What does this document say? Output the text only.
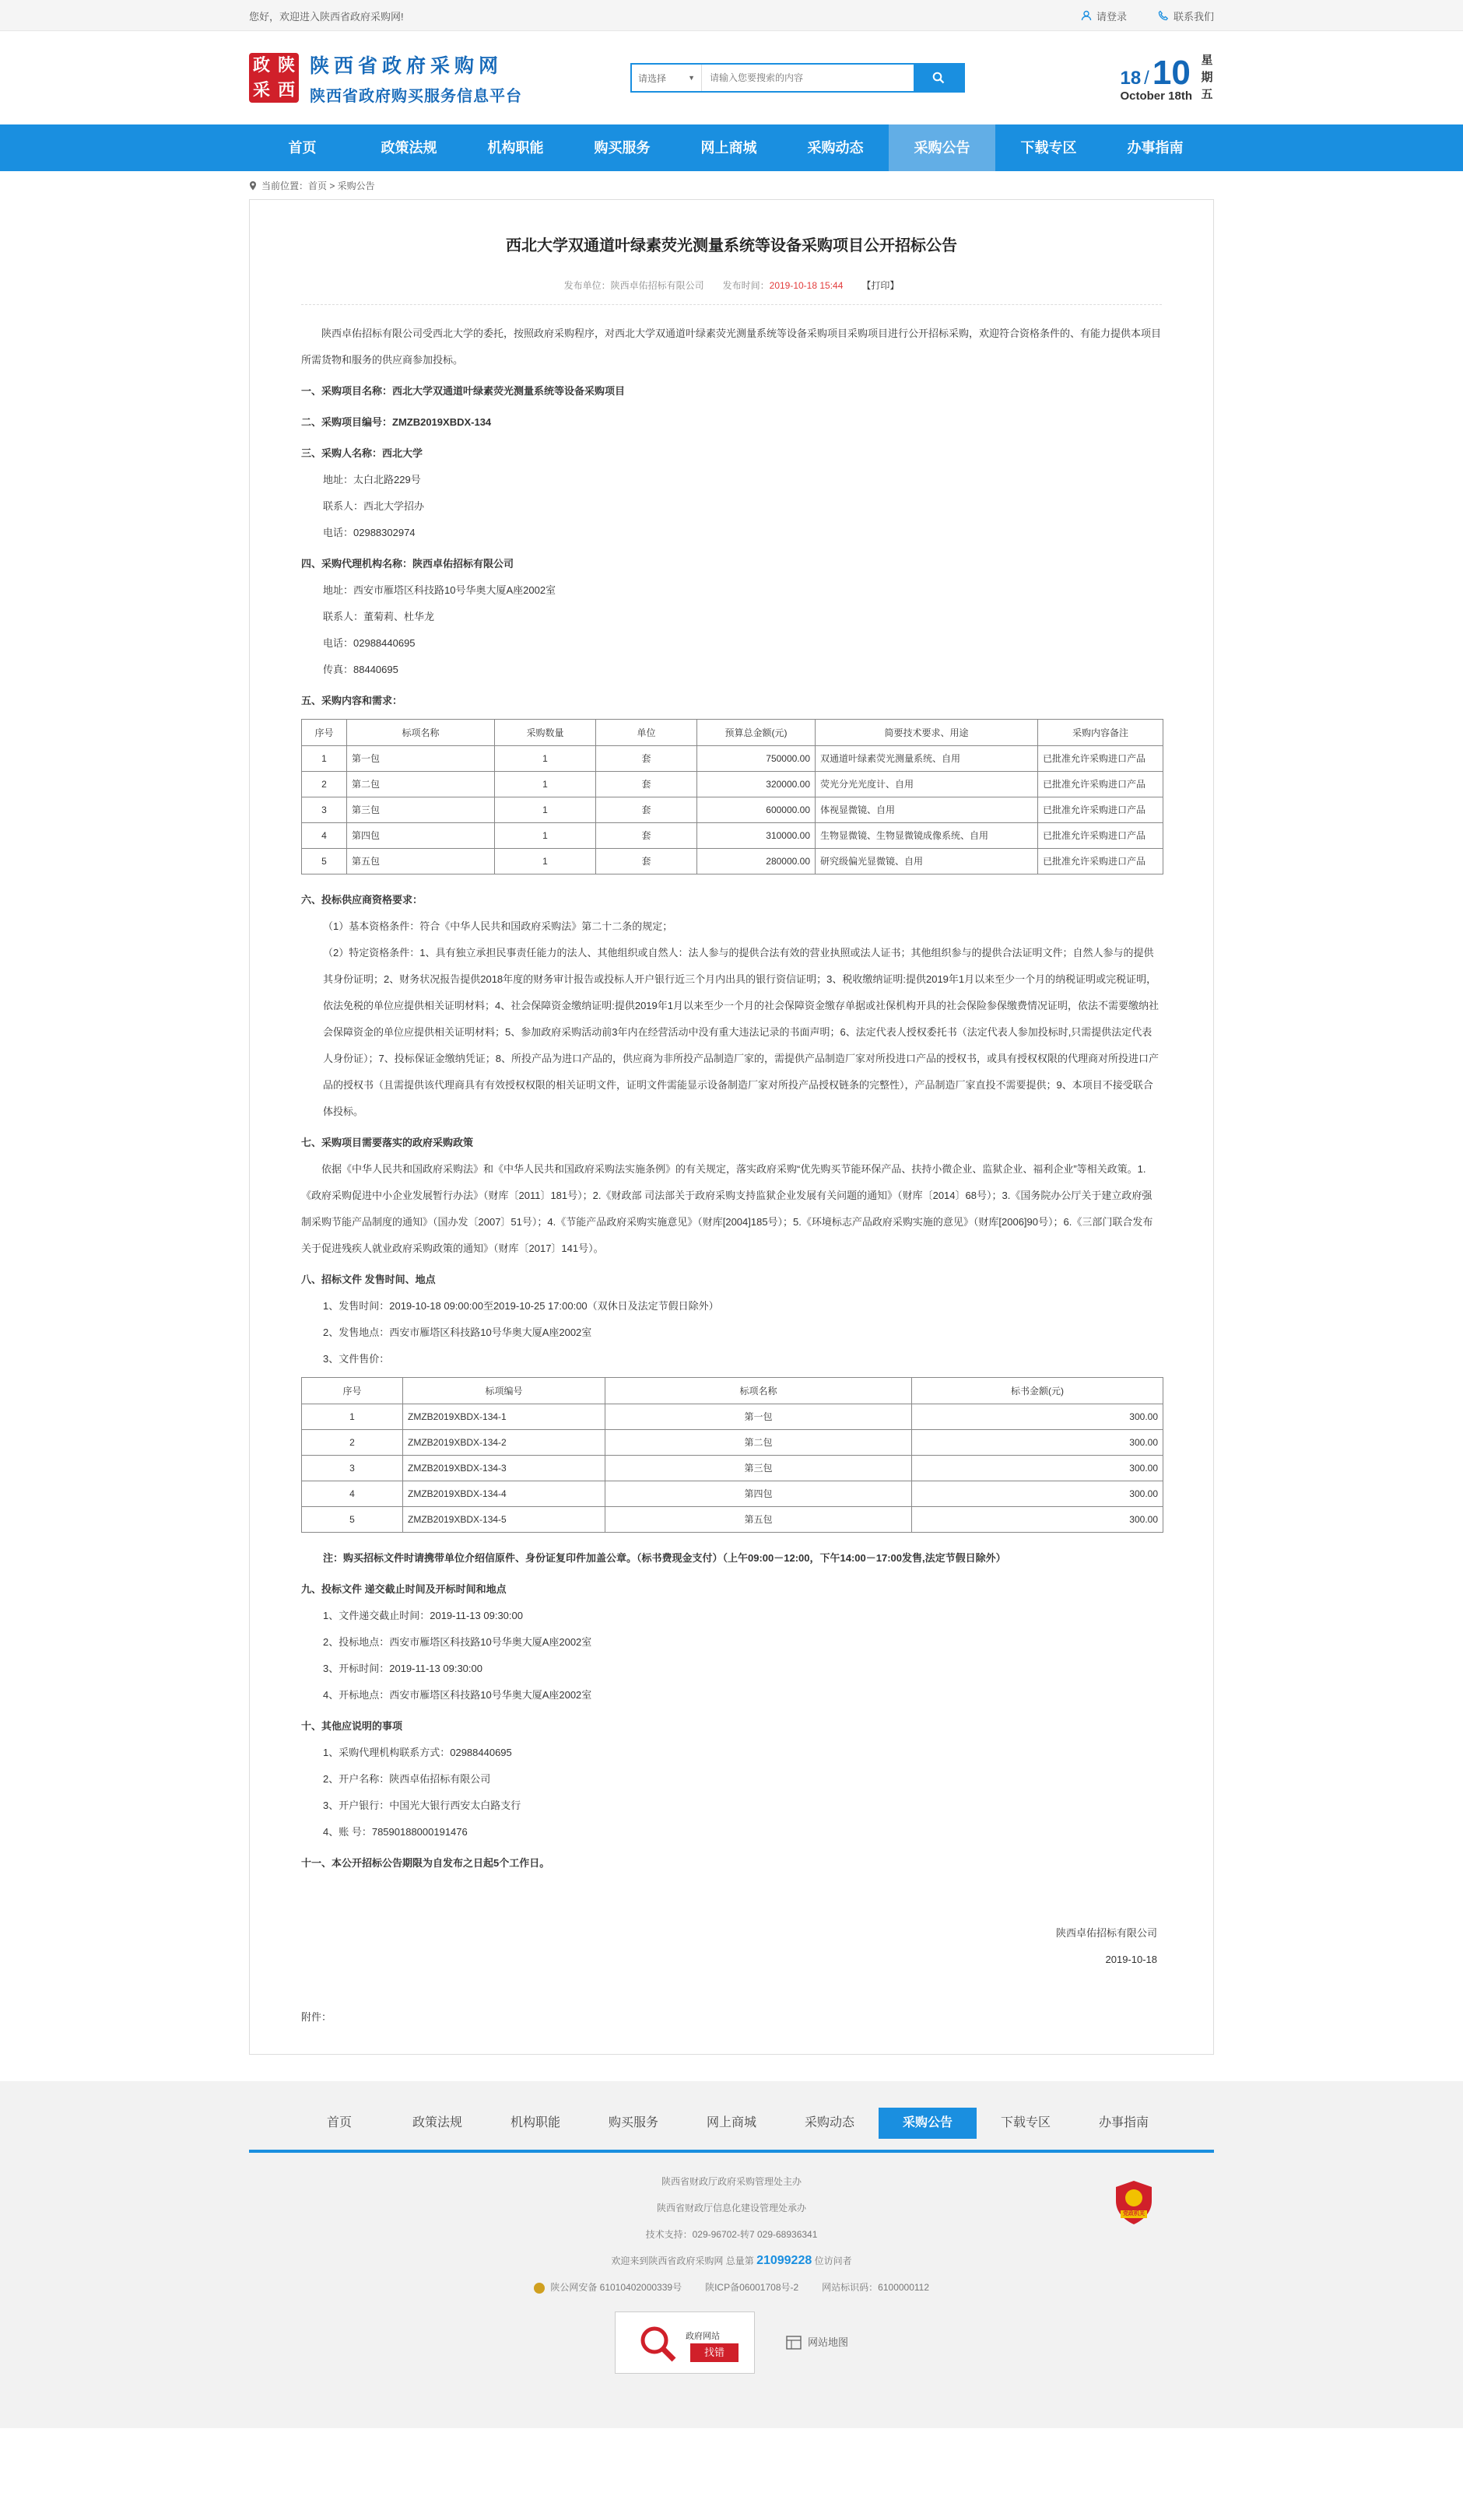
您好，欢迎进入陕西省政府采购网!	请登录	联系我们
政 陕
采 西
陕西省政府采购网
陕西省政府购买服务信息平台
请选择	▼
请输入您要搜索的内容	18 / 10
October 18th
星
期
五
首页	政策法规	机构职能	购买服务	网上商城	采购动态	采购公告	下载专区	办事指南
当前位置：首页 > 采购公告
西北大学双通道叶绿素荧光测量系统等设备采购项目公开招标公告
发布单位：陕西卓佑招标有限公司 发布时间：2019-10-18 15:44 【打印】

陕西卓佑招标有限公司受西北大学的委托，按照政府采购程序，对西北大学双通道叶绿素荧光测量系统等设备采购项目采购项目进行公开招标采购，欢迎符合资格条件的、有能力提供本项目所需货物和服务的供应商参加投标。

一、采购项目名称：西北大学双通道叶绿素荧光测量系统等设备采购项目

二、采购项目编号：ZMZB2019XBDX-134

三、采购人名称：西北大学

地址：太白北路229号

联系人：西北大学招办

电话：02988302974

四、采购代理机构名称：陕西卓佑招标有限公司

地址：西安市雁塔区科技路10号华奥大厦A座2002室

联系人：董菊莉、杜华龙

电话：02988440695

传真：88440695

五、采购内容和需求：

序号	标项名称	采购数量	单位	预算总金额(元)	简要技术要求、用途	采购内容备注
1	第一包	1	套	750000.00	双通道叶绿素荧光测量系统、自用	已批准允许采购进口产品
2	第二包	1	套	320000.00	荧光分光光度计、自用	已批准允许采购进口产品
3	第三包	1	套	600000.00	体视显微镜、自用	已批准允许采购进口产品
4	第四包	1	套	310000.00	生物显微镜、生物显微镜成像系统、自用	已批准允许采购进口产品
5	第五包	1	套	280000.00	研究级偏光显微镜、自用	已批准允许采购进口产品

六、投标供应商资格要求：

（1）基本资格条件：符合《中华人民共和国政府采购法》第二十二条的规定；

（2）特定资格条件：1、具有独立承担民事责任能力的法人、其他组织或自然人：法人参与的提供合法有效的营业执照或法人证书；其他组织参与的提供合法证明文件；自然人参与的提供其身份证明；2、财务状况报告提供2018年度的财务审计报告或投标人开户银行近三个月内出具的银行资信证明；3、税收缴纳证明:提供2019年1月以来至少一个月的纳税证明或完税证明，依法免税的单位应提供相关证明材料；4、社会保障资金缴纳证明:提供2019年1月以来至少一个月的社会保障资金缴存单据或社保机构开具的社会保险参保缴费情况证明，依法不需要缴纳社会保障资金的单位应提供相关证明材料；5、参加政府采购活动前3年内在经营活动中没有重大违法记录的书面声明；6、法定代表人授权委托书（法定代表人参加投标时,只需提供法定代表人身份证）；7、投标保证金缴纳凭证；8、所投产品为进口产品的，供应商为非所投产品制造厂家的，需提供产品制造厂家对所投进口产品的授权书，或具有授权权限的代理商对所投进口产品的授权书（且需提供该代理商具有有效授权权限的相关证明文件，证明文件需能显示设备制造厂家对所投产品授权链条的完整性），产品制造厂家直投不需要提供；9、本项目不接受联合体投标。

七、采购项目需要落实的政府采购政策

依据《中华人民共和国政府采购法》和《中华人民共和国政府采购法实施条例》的有关规定，落实政府采购“优先购买节能环保产品、扶持小微企业、监狱企业、福利企业”等相关政策。1.《政府采购促进中小企业发展暂行办法》（财库〔2011〕181号）；2.《财政部 司法部关于政府采购支持监狱企业发展有关问题的通知》（财库〔2014〕68号）；3.《国务院办公厅关于建立政府强制采购节能产品制度的通知》（国办发〔2007〕51号）；4.《节能产品政府采购实施意见》（财库[2004]185号）；5.《环境标志产品政府采购实施的意见》（财库[2006]90号）；6.《三部门联合发布关于促进残疾人就业政府采购政策的通知》（财库〔2017〕141号）。

八、招标文件 发售时间、地点

1、发售时间：2019-10-18 09:00:00至2019-10-25 17:00:00（双休日及法定节假日除外）

2、发售地点：西安市雁塔区科技路10号华奥大厦A座2002室

3、文件售价：

序号	标项编号	标项名称	标书金额(元)
1	ZMZB2019XBDX-134-1	第一包	300.00
2	ZMZB2019XBDX-134-2	第二包	300.00
3	ZMZB2019XBDX-134-3	第三包	300.00
4	ZMZB2019XBDX-134-4	第四包	300.00
5	ZMZB2019XBDX-134-5	第五包	300.00

注：购买招标文件时请携带单位介绍信原件、身份证复印件加盖公章。（标书费现金支付）（上午09:00－12:00，下午14:00－17:00发售,法定节假日除外）

九、投标文件 递交截止时间及开标时间和地点

1、文件递交截止时间：2019-11-13 09:30:00

2、投标地点：西安市雁塔区科技路10号华奥大厦A座2002室

3、开标时间：2019-11-13 09:30:00

4、开标地点：西安市雁塔区科技路10号华奥大厦A座2002室

十、其他应说明的事项

1、采购代理机构联系方式：02988440695

2、开户名称：陕西卓佑招标有限公司

3、开户银行：中国光大银行西安太白路支行

4、账 号：78590188000191476

十一、本公开招标公告期限为自发布之日起5个工作日。

陕西卓佑招标有限公司
2019-10-18
附件：
首页	政策法规	机构职能	购买服务	网上商城	采购动态	采购公告	下载专区	办事指南
陕西省财政厅政府采购管理处主办
陕西省财政厅信息化建设管理处承办
技术支持：029-96702-转7 029-68936341
欢迎来到陕西省政府采购网 总量第 21099228 位访问者
陕公网安备 61010402000339号	陕ICP备06001708号-2	网站标识码：6100000112
政府网站
找错
网站地图
党政机关
